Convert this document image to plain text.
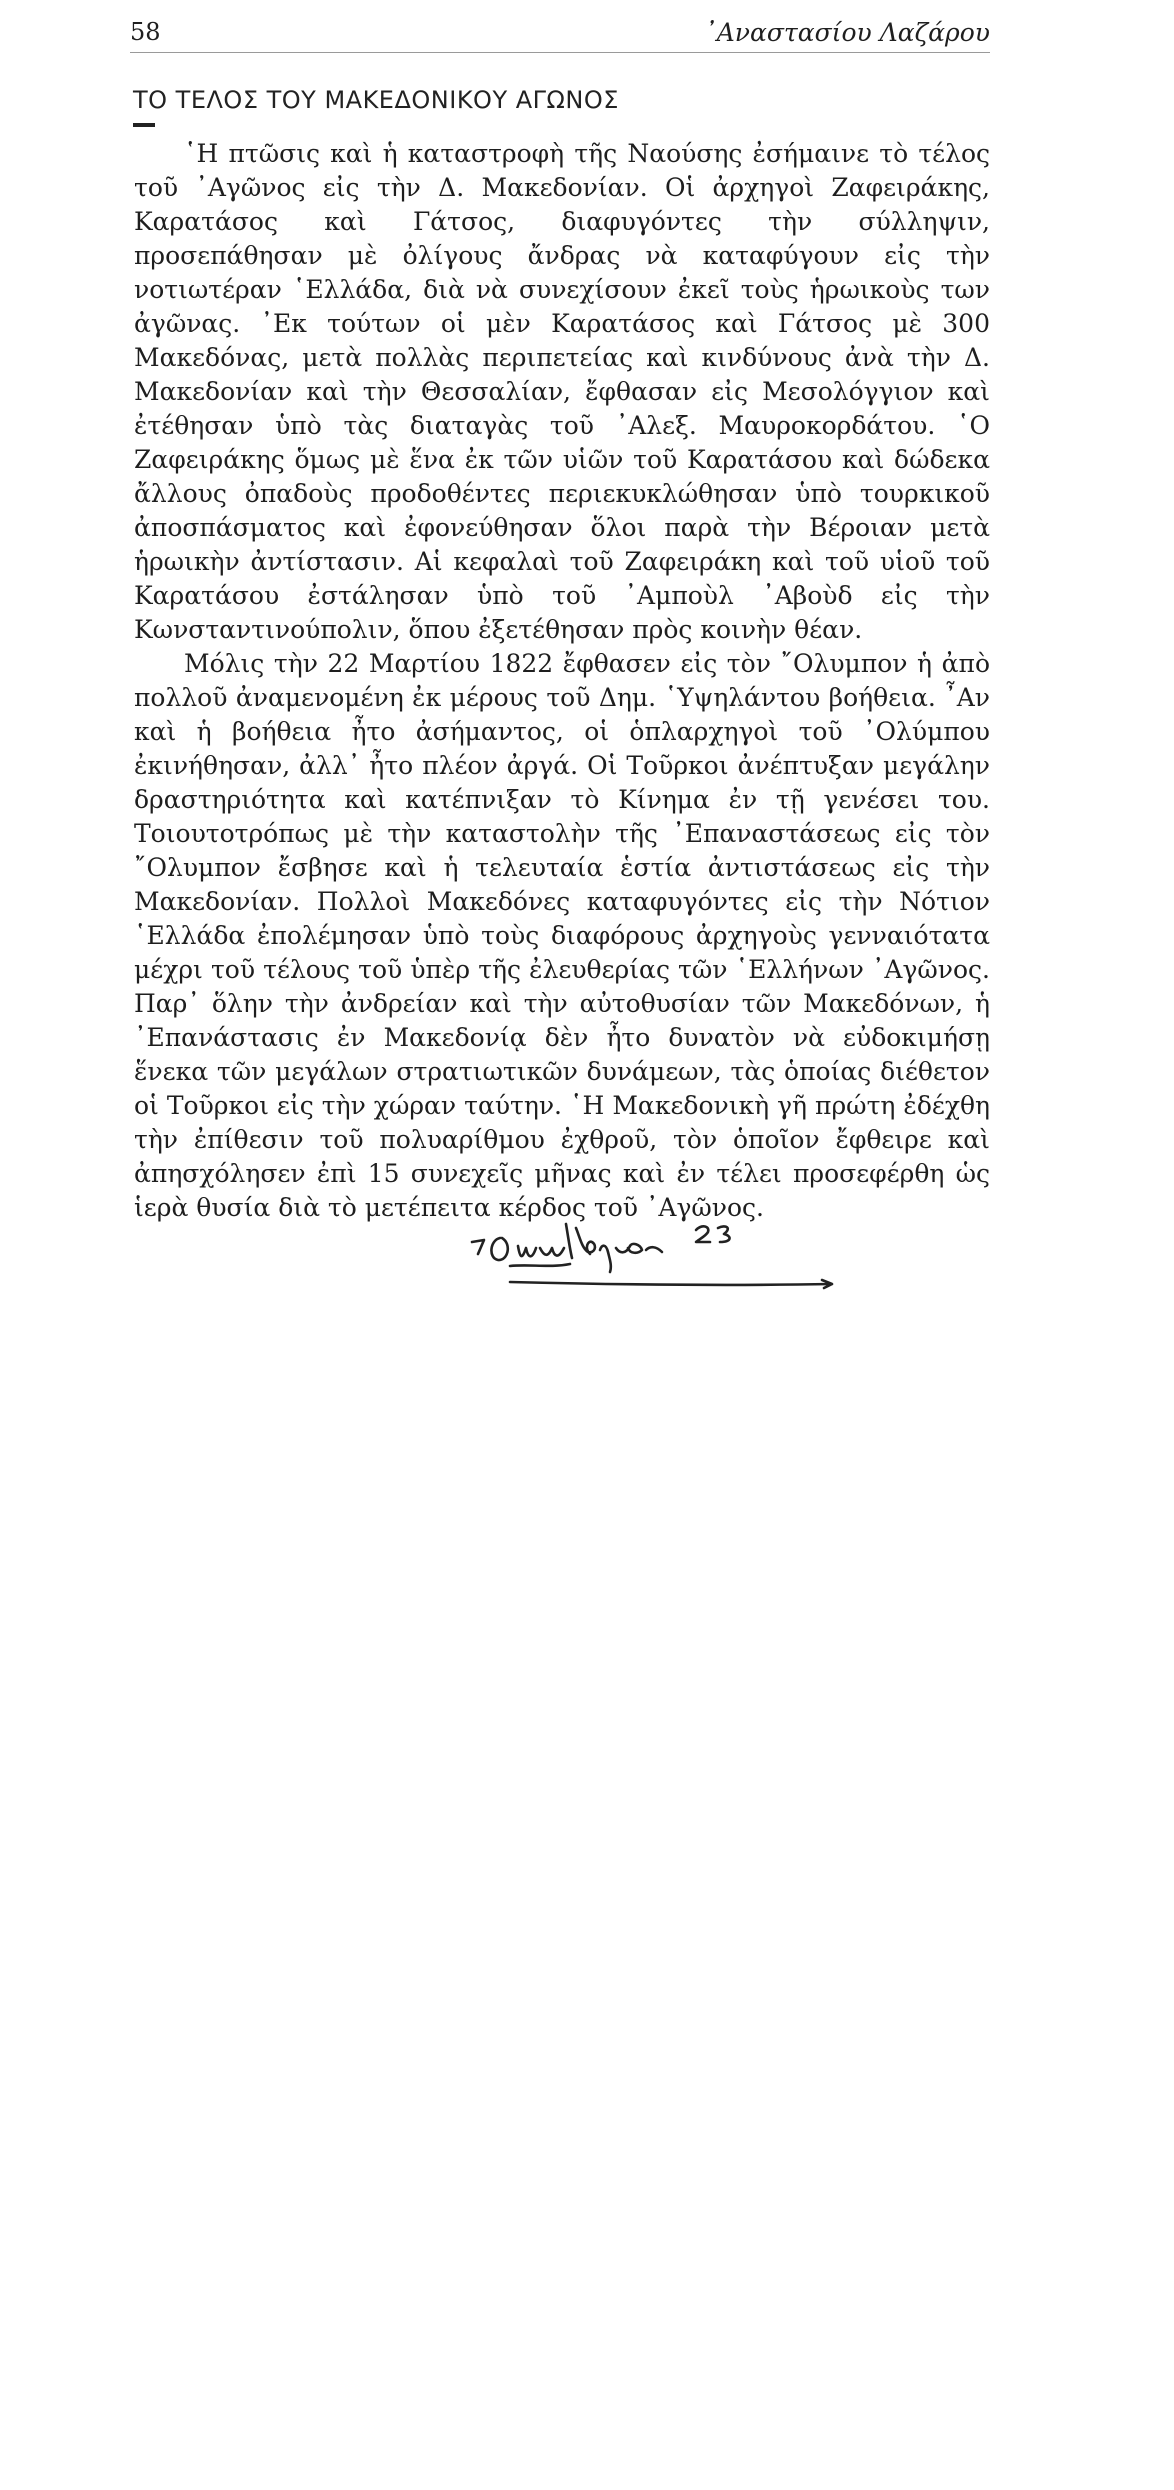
58	᾿Αναστασίου Λαζάρου
ΤΟ ΤΕΛΟΣ ΤΟΥ ΜΑΚΕΔΟΝΙΚΟΥ ΑΓΩΝΟΣ

῾Η πτῶσις καὶ ἡ καταστροφὴ τῆς Ναούσης ἐσήμαινε τὸ τέλος τοῦ ᾿Αγῶνος εἰς τὴν Δ. Μακεδονίαν. Οἱ ἀρχηγοὶ Ζαφειράκης, Καρατάσος καὶ Γάτσος, διαφυγόντες τὴν σύλληψιν, προσεπάθησαν μὲ ὀλίγους ἄνδρας νὰ καταφύγουν εἰς τὴν νοτιωτέραν ῾Ελλάδα, διὰ νὰ συνεχίσουν ἐκεῖ τοὺς ἡρωικοὺς των ἀγῶνας. ᾿Εκ τούτων οἱ μὲν Καρατάσος καὶ Γάτσος μὲ 300 Μακεδόνας, μετὰ πολλὰς περιπετείας καὶ κινδύνους ἀνὰ τὴν Δ. Μακεδονίαν καὶ τὴν Θεσσαλίαν, ἔφθασαν εἰς Μεσολόγγιον καὶ ἐτέθησαν ὑπὸ τὰς διαταγὰς τοῦ ᾿Αλεξ. Μαυροκορδάτου. ῾Ο Ζαφειράκης ὅμως μὲ ἕνα ἐκ τῶν υἱῶν τοῦ Καρατάσου καὶ δώδεκα ἄλλους ὀπαδοὺς προδοθέντες περιεκυκλώθησαν ὑπὸ τουρκικοῦ ἀποσπάσματος καὶ ἐφονεύθησαν ὅλοι παρὰ τὴν Βέροιαν μετὰ ἡρωικὴν ἀντίστασιν. Αἱ κεφαλαὶ τοῦ Ζαφειράκη καὶ τοῦ υἱοῦ τοῦ Καρατάσου ἐστάλησαν ὑπὸ τοῦ ᾿Αμποὺλ ᾿Αβοὺδ εἰς τὴν Κωνσταντινούπολιν, ὅπου ἐξετέθησαν πρὸς κοινὴν θέαν.

Μόλις τὴν 22 Μαρτίου 1822 ἔφθασεν εἰς τὸν ῎Ολυμπον ἡ ἀπὸ πολλοῦ ἀναμενομένη ἐκ μέρους τοῦ Δημ. ῾Υψηλάντου βοήθεια. ῏Αν καὶ ἡ βοήθεια ἦτο ἀσήμαντος, οἱ ὁπλαρχηγοὶ τοῦ ᾿Ολύμπου ἐκινήθησαν, ἀλλ᾿ ἦτο πλέον ἀργά. Οἱ Τοῦρκοι ἀνέπτυξαν μεγάλην δραστηριότητα καὶ κατέπνιξαν τὸ Κίνημα ἐν τῇ γενέσει του. Τοιουτοτρόπως μὲ τὴν καταστολὴν τῆς ᾿Επαναστάσεως εἰς τὸν ῎Ολυμπον ἔσβησε καὶ ἡ τελευταία ἑστία ἀντιστάσεως εἰς τὴν Μακεδονίαν. Πολλοὶ Μακεδόνες καταφυγόντες εἰς τὴν Νότιον ῾Ελλάδα ἐπολέμησαν ὑπὸ τοὺς διαφόρους ἀρχηγοὺς γενναιότατα μέχρι τοῦ τέλους τοῦ ὑπὲρ τῆς ἐλευθερίας τῶν ῾Ελλήνων ᾿Αγῶνος. Παρ᾿ ὅλην τὴν ἀνδρείαν καὶ τὴν αὐτοθυσίαν τῶν Μακεδόνων, ἡ ᾿Επανάστασις ἐν Μακεδονίᾳ δὲν ἦτο δυνατὸν νὰ εὐδοκιμήσῃ ἕνεκα τῶν μεγάλων στρατιωτικῶν δυνάμεων, τὰς ὁποίας διέθετον οἱ Τοῦρκοι εἰς τὴν χώραν ταύτην. ῾Η Μακεδονικὴ γῆ πρώτη ἐδέχθη τὴν ἐπίθεσιν τοῦ πολυαρίθμου ἐχθροῦ, τὸν ὁποῖον ἔφθειρε καὶ ἀπησχόλησεν ἐπὶ 15 συνεχεῖς μῆνας καὶ ἐν τέλει προσεφέρθη ὡς ἱερὰ θυσία διὰ τὸ μετέπειτα κέρδος τοῦ ᾿Αγῶνος.
